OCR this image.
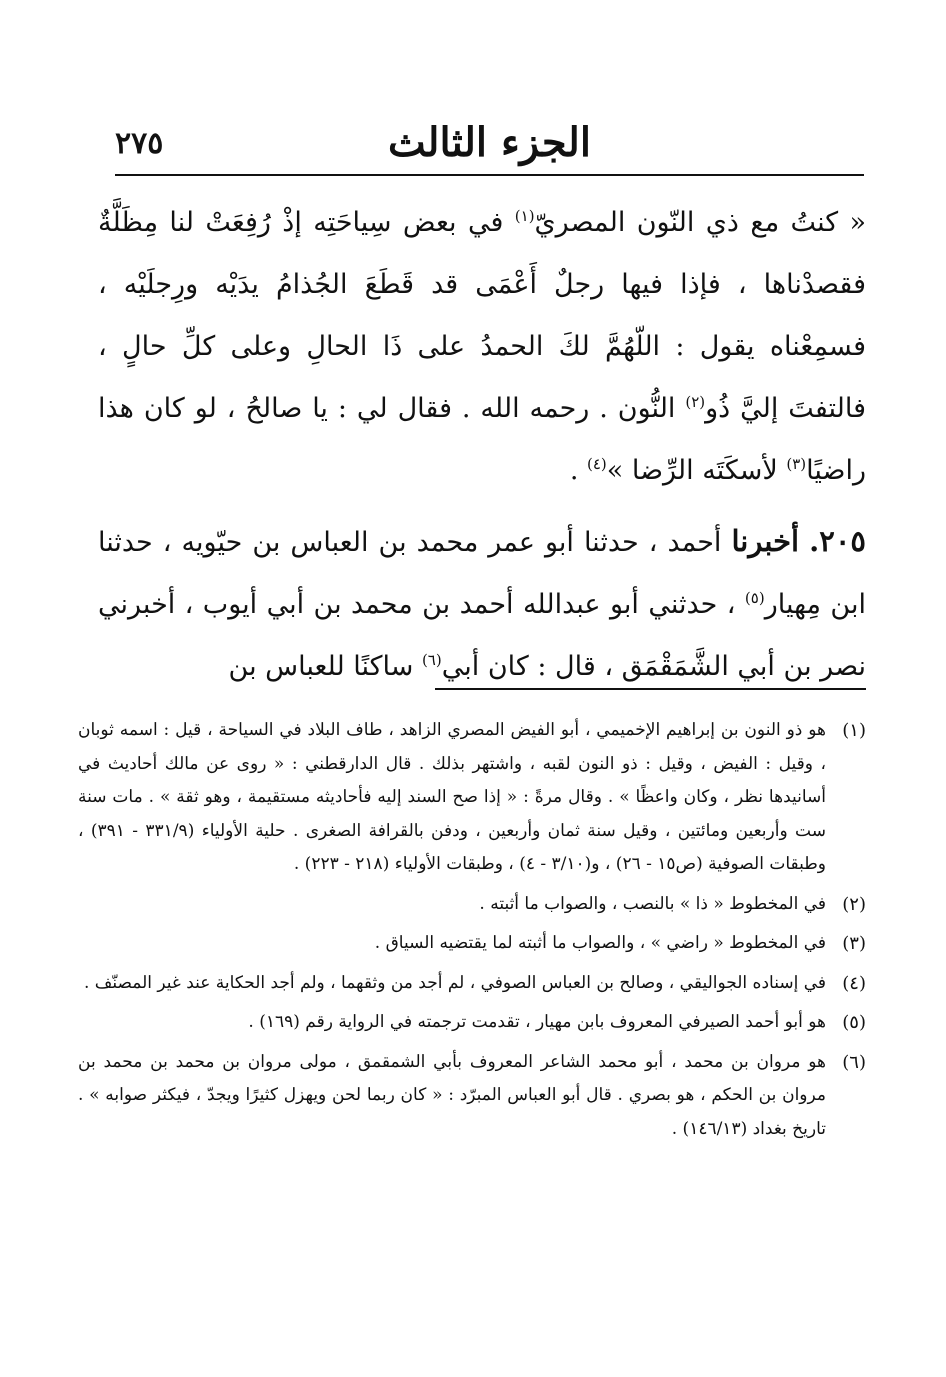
الجزء الثالث
٢٧٥

« كنتُ مع ذي النّون المصريّ$^{(١)}$ في بعض سِياحَتِه إذْ رُفِعَتْ لنا مِظَلَّةٌ فقصدْناها ، فإذا فيها رجلٌ أَعْمَى قد قَطَعَ الجُذامُ يدَيْه ورِجلَيْه ، فسمِعْناه يقول : اللّهُمَّ لكَ الحمدُ على ذَا الحالِ وعلى كلِّ حالٍ ، فالتفتَ إليَّ ذُو$^{(٢)}$ النُّون . رحمه الله . فقال لي : يا صالحُ ، لو كان هذا راضيًا$^{(٣)}$ لأسكَتَه الرِّضا »$^{(٤)}$ .

٢٠٥. أخبرنا أحمد ، حدثنا أبو عمر محمد بن العباس بن حيّويه ، حدثنا ابن مِهيار$^{(٥)}$ ، حدثني أبو عبدالله أحمد بن محمد بن أبي أيوب ، أخبرني نصر بن أبي الشَّمَقْمَق ، قال : كان أبي$^{(٦)}$ ساكنًا للعباس بن

(١)
هو ذو النون بن إبراهيم الإخميمي ، أبو الفيض المصري الزاهد ، طاف البلاد في السياحة ، قيل : اسمه ثوبان ، وقيل : الفيض ، وقيل : ذو النون لقبه ، واشتهر بذلك . قال الدارقطني : « روى عن مالك أحاديث في أسانيدها نظر ، وكان واعظًا » . وقال مرةً : « إذا صح السند إليه فأحاديثه مستقيمة ، وهو ثقة » . مات سنة ست وأربعين ومائتين ، وقيل سنة ثمان وأربعين ، ودفن بالقرافة الصغرى . حلية الأولياء (٣٣١/٩ - ٣٩١) ، وطبقات الصوفية (ص١٥ - ٢٦) ، و(٣/١٠ - ٤) ، وطبقات الأولياء (٢١٨ - ٢٢٣) .
(٢)
في المخطوط « ذا » بالنصب ، والصواب ما أثبته .
(٣)
في المخطوط « راضي » ، والصواب ما أثبته لما يقتضيه السياق .
(٤)
في إسناده الجواليقي ، وصالح بن العباس الصوفي ، لم أجد من وثقهما ، ولم أجد الحكاية عند غير المصنّف .
(٥)
هو أبو أحمد الصيرفي المعروف بابن مهيار ، تقدمت ترجمته في الرواية رقم (١٦٩) .
(٦)
هو مروان بن محمد ، أبو محمد الشاعر المعروف بأبي الشمقمق ، مولى مروان بن محمد بن محمد بن مروان بن الحكم ، هو بصري . قال أبو العباس المبرّد : « كان ربما لحن ويهزل كثيرًا ويجدّ ، فيكثر صوابه » . تاريخ بغداد (١٤٦/١٣) .
